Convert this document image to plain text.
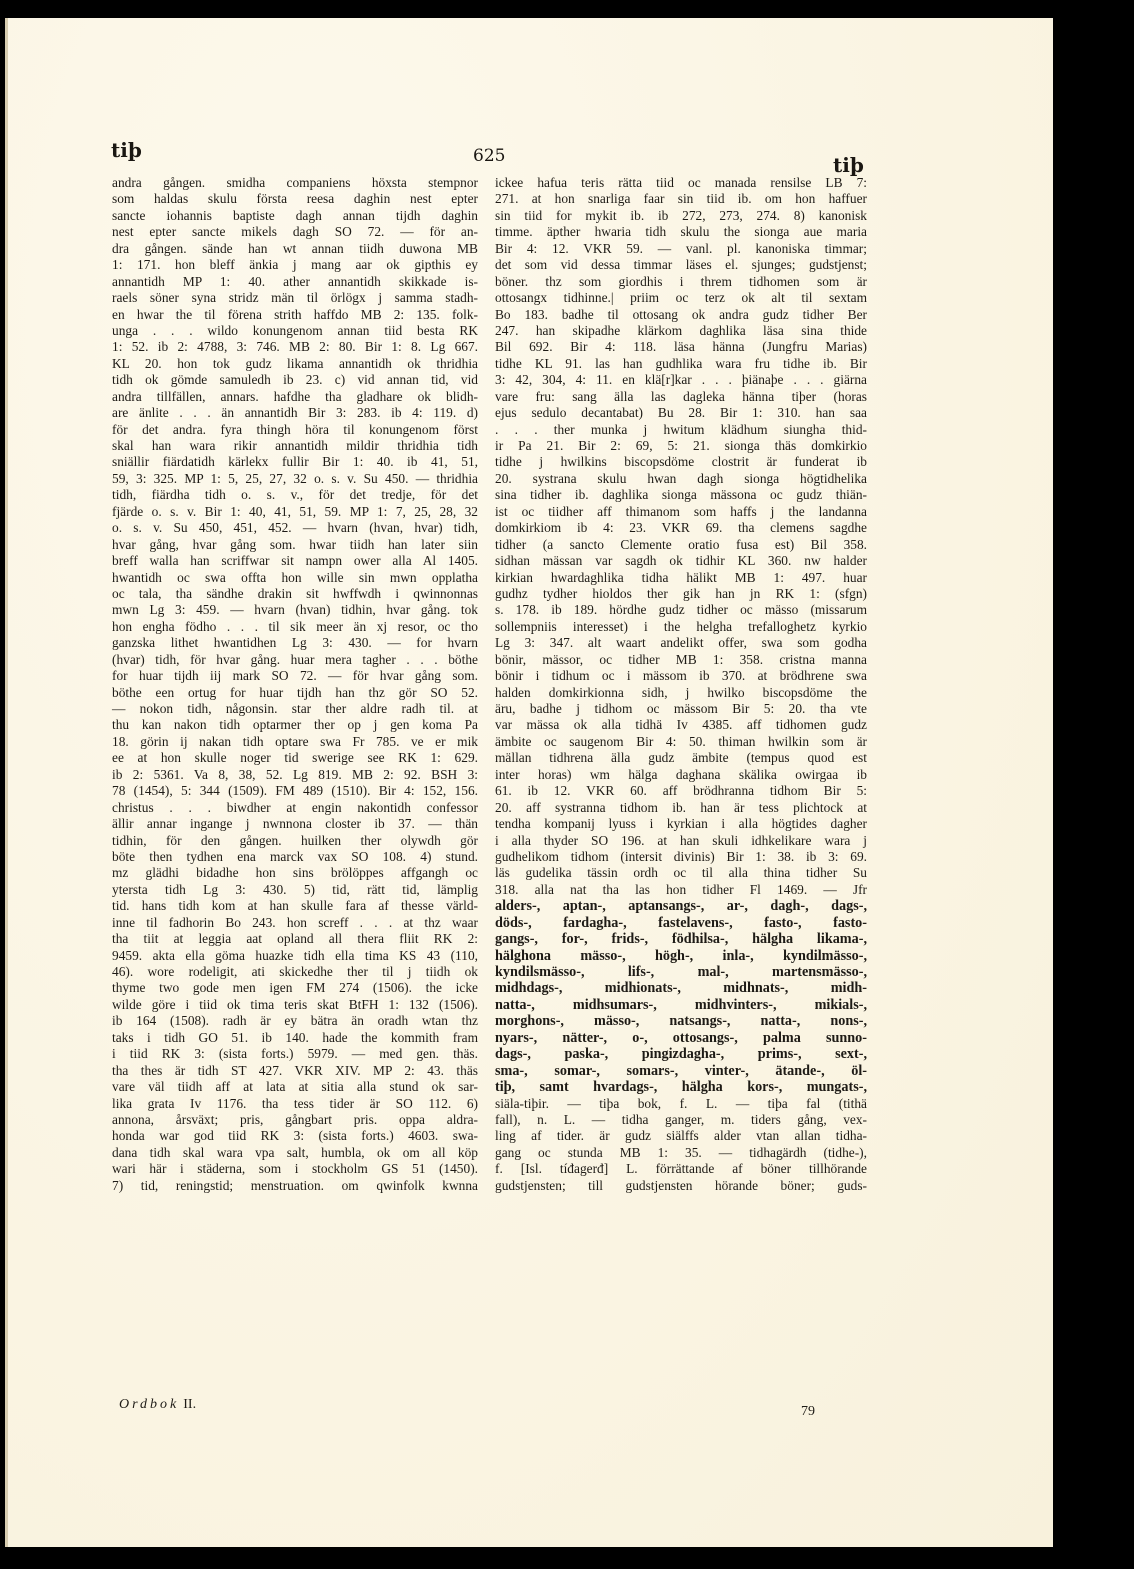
tiþ	625	tiþ
andra gången. smidha companiens höxsta stempnor
som haldas skulu första reesa daghin nest epter
sancte iohannis baptiste dagh annan tijdh daghin
nest epter sancte mikels dagh SO 72. — för an-
dra gången. sände han wt annan tiidh duwona MB
1: 171. hon bleff änkia j mang aar ok gipthis ey
annantidh MP 1: 40. ather annantidh skikkade is-
raels söner syna stridz män til örlögx j samma stadh-
en hwar the til förena strith haffdo MB 2: 135. folk-
unga . . . wildo konungenom annan tiid besta RK
1: 52. ib 2: 4788, 3: 746. MB 2: 80. Bir 1: 8. Lg 667.
KL 20. hon tok gudz likama annantidh ok thridhia
tidh ok gömde samuledh ib 23. c) vid annan tid, vid
andra tillfällen, annars. hafdhe tha gladhare ok blidh-
are änlite . . . än annantidh Bir 3: 283. ib 4: 119. d)
för det andra. fyra thingh höra til konungenom först
skal han wara rikir annantidh mildir thridhia tidh
sniällir fiärdatidh kärlekx fullir Bir 1: 40. ib 41, 51,
59, 3: 325. MP 1: 5, 25, 27, 32 o. s. v. Su 450. — thridhia
tidh, fiärdha tidh o. s. v., för det tredje, för det
fjärde o. s. v. Bir 1: 40, 41, 51, 59. MP 1: 7, 25, 28, 32
o. s. v. Su 450, 451, 452. — hvarn (hvan, hvar) tidh,
hvar gång, hvar gång som. hwar tiidh han later siin
breff walla han scriffwar sit nampn ower alla Al 1405.
hwantidh oc swa offta hon wille sin mwn opplatha
oc tala, tha sändhe drakin sit hwffwdh i qwinnonnas
mwn Lg 3: 459. — hvarn (hvan) tidhin, hvar gång. tok
hon engha födho . . . til sik meer än xj resor, oc tho
ganzska lithet hwantidhen Lg 3: 430. — for hvarn
(hvar) tidh, för hvar gång. huar mera tagher . . . böthe
for huar tijdh iij mark SO 72. — för hvar gång som.
böthe een ortug for huar tijdh han thz gör SO 52.
— nokon tidh, någonsin. star ther aldre radh til. at
thu kan nakon tidh optarmer ther op j gen koma Pa
18. görin ij nakan tidh optare swa Fr 785. ve er mik
ee at hon skulle noger tid swerige see RK 1: 629.
ib 2: 5361. Va 8, 38, 52. Lg 819. MB 2: 92. BSH 3:
78 (1454), 5: 344 (1509). FM 489 (1510). Bir 4: 152, 156.
christus . . . biwdher at engin nakontidh confessor
ällir annar ingange j nwnnona closter ib 37. — thän
tidhin, för den gången. huilken ther olywdh gör
böte then tydhen ena marck vax SO 108. 4) stund.
mz glädhi bidadhe hon sins brölöppes affgangh oc
ytersta tidh Lg 3: 430. 5) tid, rätt tid, lämplig
tid. hans tidh kom at han skulle fara af thesse värld-
inne til fadhorin Bo 243. hon screff . . . at thz waar
tha tiit at leggia aat opland all thera fliit RK 2:
9459. akta ella göma huazke tidh ella tima KS 43 (110,
46). wore rodeligit, ati skickedhe ther til j tiidh ok
thyme two gode men igen FM 274 (1506). the icke
wilde göre i tiid ok tima teris skat BtFH 1: 132 (1506).
ib 164 (1508). radh är ey bätra än oradh wtan thz
taks i tidh GO 51. ib 140. hade the kommith fram
i tiid RK 3: (sista forts.) 5979. — med gen. thäs.
tha thes är tidh ST 427. VKR XIV. MP 2: 43. thäs
vare väl tiidh aff at lata at sitia alla stund ok sar-
lika grata Iv 1176. tha tess tider är SO 112. 6)
annona, årsväxt; pris, gångbart pris. oppa aldra-
honda war god tiid RK 3: (sista forts.) 4603. swa-
dana tidh skal wara vpa salt, humbla, ok om all köp
wari här i städerna, som i stockholm GS 51 (1450).
7) tid, reningstid; menstruation. om qwinfolk kwnna
ickee hafua teris rätta tiid oc manada rensilse LB 7:
271. at hon snarliga faar sin tiid ib. om hon haffuer
sin tiid for mykit ib. ib 272, 273, 274. 8) kanonisk
timme. äpther hwaria tidh skulu the sionga aue maria
Bir 4: 12. VKR 59. — vanl. pl. kanoniska timmar;
det som vid dessa timmar läses el. sjunges; gudstjenst;
böner. thz som giordhis i threm tidhomen som är
ottosangx tidhinne.| priim oc terz ok alt til sextam
Bo 183. badhe til ottosang ok andra gudz tidher Ber
247. han skipadhe klärkom daghlika läsa sina thide
Bil 692. Bir 4: 118. läsa hänna (Jungfru Marias)
tidhe KL 91. las han gudhlika wara fru tidhe ib. Bir
3: 42, 304, 4: 11. en klä[r]kar . . . þiänaþe . . . giärna
vare fru: sang älla las dagleka hänna tiþer (horas
ejus sedulo decantabat) Bu 28. Bir 1: 310. han saa
. . . ther munka j hwitum klädhum siungha thid-
ir Pa 21. Bir 2: 69, 5: 21. sionga thäs domkirkio
tidhe j hwilkins biscopsdöme clostrit är funderat ib
20. systrana skulu hwan dagh sionga högtidhelika
sina tidher ib. daghlika sionga mässona oc gudz thiän-
ist oc tiidher aff thimanom som haffs j the landanna
domkirkiom ib 4: 23. VKR 69. tha clemens sagdhe
tidher (a sancto Clemente oratio fusa est) Bil 358.
sidhan mässan var sagdh ok tidhir KL 360. nw halder
kirkian hwardaghlika tidha hälikt MB 1: 497. huar
gudhz tydher hioldos ther gik han jn RK 1: (sfgn)
s. 178. ib 189. hördhe gudz tidher oc mässo (missarum
sollempniis interesset) i the helgha trefalloghetz kyrkio
Lg 3: 347. alt waart andelikt offer, swa som godha
bönir, mässor, oc tidher MB 1: 358. cristna manna
bönir i tidhum oc i mässom ib 370. at brödhrene swa
halden domkirkionna sidh, j hwilko biscopsdöme the
äru, badhe j tidhom oc mässom Bir 5: 20. tha vte
var mässa ok alla tidhä Iv 4385. aff tidhomen gudz
ämbite oc saugenom Bir 4: 50. thiman hwilkin som är
mällan tidhrena älla gudz ämbite (tempus quod est
inter horas) wm hälga daghana skälika owirgaa ib
61. ib 12. VKR 60. aff brödhranna tidhom Bir 5:
20. aff systranna tidhom ib. han är tess plichtock at
tendha kompanij lyuss i kyrkian i alla högtides dagher
i alla thyder SO 196. at han skuli idhkelikare wara j
gudhelikom tidhom (intersit divinis) Bir 1: 38. ib 3: 69.
läs gudelika tässin ordh oc til alla thina tidher Su
318. alla nat tha las hon tidher Fl 1469. — Jfr
alders-, aptan-, aptansangs-, ar-, dagh-, dags-,
döds-, fardagha-, fastelavens-, fasto-, fasto-
gangs-, for-, frids-, födhilsa-, hälgha likama-,
hälghona mässo-, högh-, inla-, kyndilmässo-,
kyndilsmässo-, lifs-, mal-, martensmässo-,
midhdags-, midhionats-, midhnats-, midh-
natta-, midhsumars-, midhvinters-, mikials-,
morghons-, mässo-, natsangs-, natta-, nons-,
nyars-, nätter-, o-, ottosangs-, palma sunno-
dags-, paska-, pingizdagha-, prims-, sext-,
sma-, somar-, somars-, vinter-, ätande-, öl-
tiþ, samt hvardags-, hälgha kors-, mungats-,
siäla-tiþir. — tiþa bok, f. L. — tiþa fal (tithä
fall), n. L. — tidha ganger, m. tiders gång, vex-
ling af tider. är gudz siälffs alder vtan allan tidha-
gang oc stunda MB 1: 35. — tidhagärdh (tidhe-),
f. [Isl. tíđagerđ] L. förrättande af böner tillhörande
gudstjensten; till gudstjensten hörande böner; guds-
Ordbok II.	79
